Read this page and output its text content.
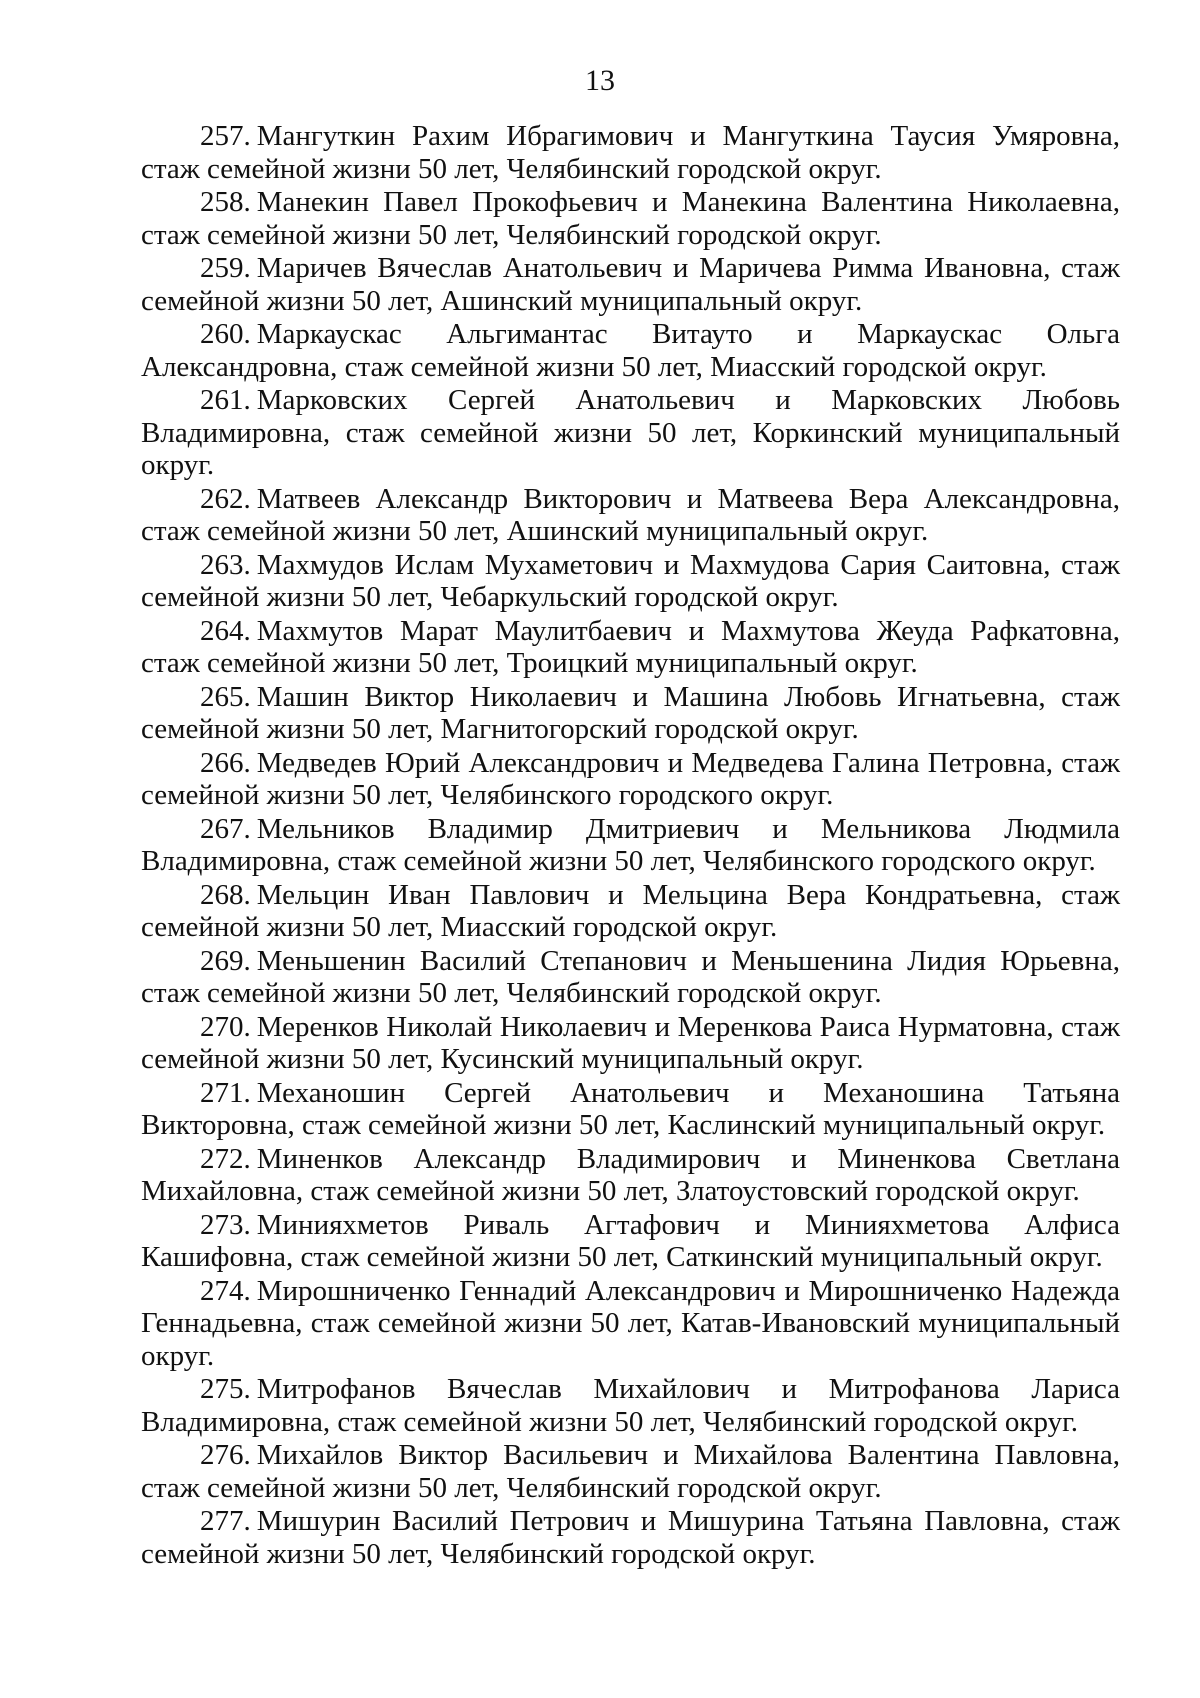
13

257. Мангуткин Рахим Ибрагимович и Мангуткина Таусия Умяровна, стаж семейной жизни 50 лет, Челябинский городской округ.

258. Манекин Павел Прокофьевич и Манекина Валентина Николаевна, стаж семейной жизни 50 лет, Челябинский городской округ.

259. Маричев Вячеслав Анатольевич и Маричева Римма Ивановна, стаж семейной жизни 50 лет, Ашинский муниципальный округ.

260. Маркаускас Альгимантас Витауто и Маркаускас Ольга Александровна, стаж семейной жизни 50 лет, Миасский городской округ.

261. Марковских Сергей Анатольевич и Марковских Любовь Владимировна, стаж семейной жизни 50 лет, Коркинский муниципальный округ.

262. Матвеев Александр Викторович и Матвеева Вера Александровна, стаж семейной жизни 50 лет, Ашинский муниципальный округ.

263. Махмудов Ислам Мухаметович и Махмудова Сария Саитовна, стаж семейной жизни 50 лет, Чебаркульский городской округ.

264. Махмутов Марат Маулитбаевич и Махмутова Жеуда Рафкатовна, стаж семейной жизни 50 лет, Троицкий муниципальный округ.

265. Машин Виктор Николаевич и Машина Любовь Игнатьевна, стаж семейной жизни 50 лет, Магнитогорский городской округ.

266. Медведев Юрий Александрович и Медведева Галина Петровна, стаж семейной жизни 50 лет, Челябинского городского округ.

267. Мельников Владимир Дмитриевич и Мельникова Людмила Владимировна, стаж семейной жизни 50 лет, Челябинского городского округ.

268. Мельцин Иван Павлович и Мельцина Вера Кондратьевна, стаж семейной жизни 50 лет, Миасский городской округ.

269. Меньшенин Василий Степанович и Меньшенина Лидия Юрьевна, стаж семейной жизни 50 лет, Челябинский городской округ.

270. Меренков Николай Николаевич и Меренкова Раиса Нурматовна, стаж семейной жизни 50 лет, Кусинский муниципальный округ.

271. Механошин Сергей Анатольевич и Механошина Татьяна Викторовна, стаж семейной жизни 50 лет, Каслинский муниципальный округ.

272. Миненков Александр Владимирович и Миненкова Светлана Михайловна, стаж семейной жизни 50 лет, Златоустовский городской округ.

273. Минияхметов Риваль Агтафович и Минияхметова Алфиса Кашифовна, стаж семейной жизни 50 лет, Саткинский муниципальный округ.

274. Мирошниченко Геннадий Александрович и Мирошниченко Надежда Геннадьевна, стаж семейной жизни 50 лет, Катав-Ивановский муниципальный округ.

275. Митрофанов Вячеслав Михайлович и Митрофанова Лариса Владимировна, стаж семейной жизни 50 лет, Челябинский городской округ.

276. Михайлов Виктор Васильевич и Михайлова Валентина Павловна, стаж семейной жизни 50 лет, Челябинский городской округ.

277. Мишурин Василий Петрович и Мишурина Татьяна Павловна, стаж семейной жизни 50 лет, Челябинский городской округ.
